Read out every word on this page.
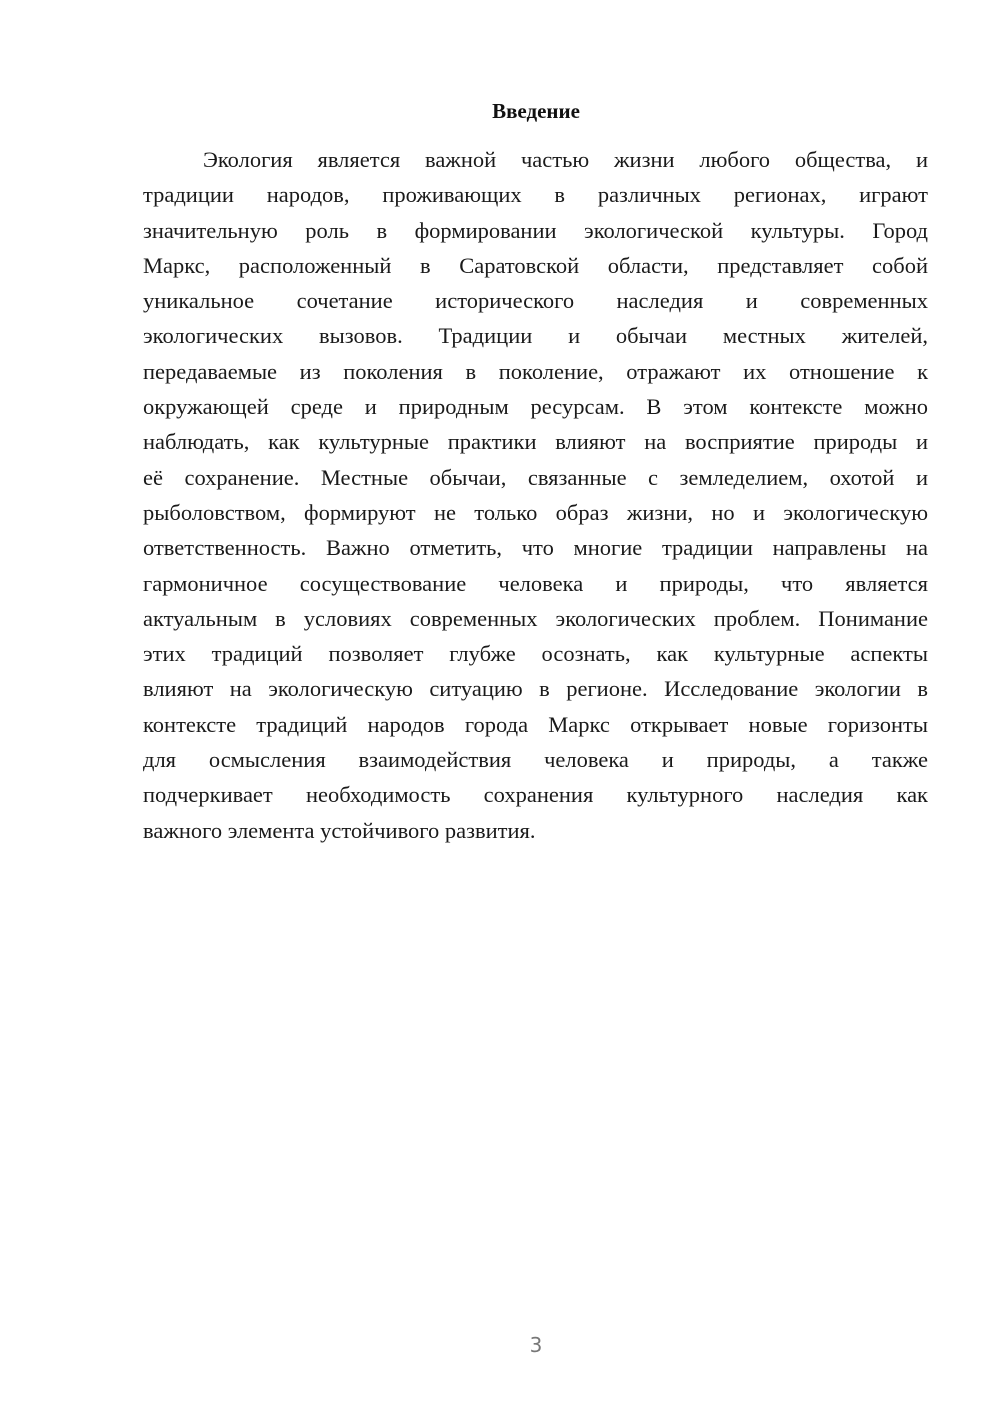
Введение
Экология является важной частью жизни любого общества, и
традиции народов, проживающих в различных регионах, играют
значительную роль в формировании экологической культуры. Город
Маркс, расположенный в Саратовской области, представляет собой
уникальное сочетание исторического наследия и современных
экологических вызовов. Традиции и обычаи местных жителей,
передаваемые из поколения в поколение, отражают их отношение к
окружающей среде и природным ресурсам. В этом контексте можно
наблюдать, как культурные практики влияют на восприятие природы и
её сохранение. Местные обычаи, связанные с земледелием, охотой и
рыболовством, формируют не только образ жизни, но и экологическую
ответственность. Важно отметить, что многие традиции направлены на
гармоничное сосуществование человека и природы, что является
актуальным в условиях современных экологических проблем. Понимание
этих традиций позволяет глубже осознать, как культурные аспекты
влияют на экологическую ситуацию в регионе. Исследование экологии в
контексте традиций народов города Маркс открывает новые горизонты
для осмысления взаимодействия человека и природы, а также
подчеркивает необходимость сохранения культурного наследия как
важного элемента устойчивого развития.
3
